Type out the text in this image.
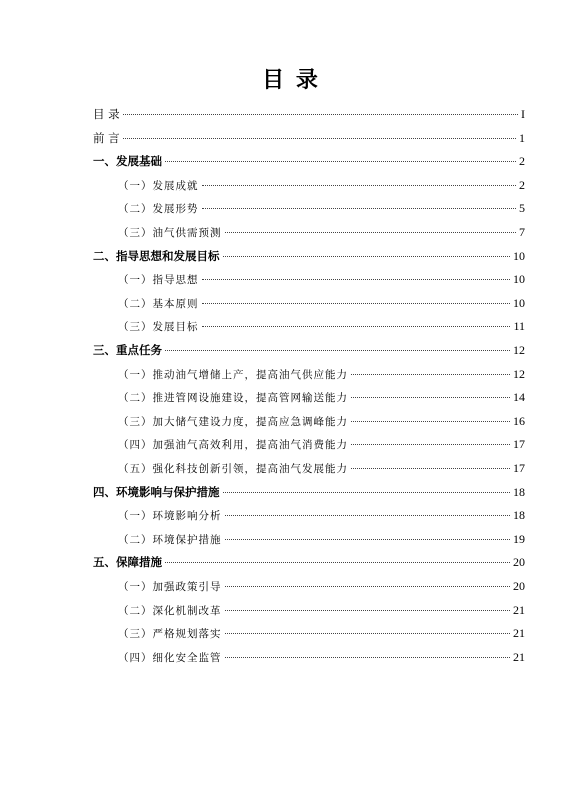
目 录
目 录	I
前 言	1
一、发展基础	2
（一）发展成就	2
（二）发展形势	5
（三）油气供需预测	7
二、指导思想和发展目标	10
（一）指导思想	10
（二）基本原则	10
（三）发展目标	11
三、重点任务	12
（一）推动油气增储上产，提高油气供应能力	12
（二）推进管网设施建设，提高管网输送能力	14
（三）加大储气建设力度，提高应急调峰能力	16
（四）加强油气高效利用，提高油气消费能力	17
（五）强化科技创新引领，提高油气发展能力	17
四、环境影响与保护措施	18
（一）环境影响分析	18
（二）环境保护措施	19
五、保障措施	20
（一）加强政策引导	20
（二）深化机制改革	21
（三）严格规划落实	21
（四）细化安全监管	21
